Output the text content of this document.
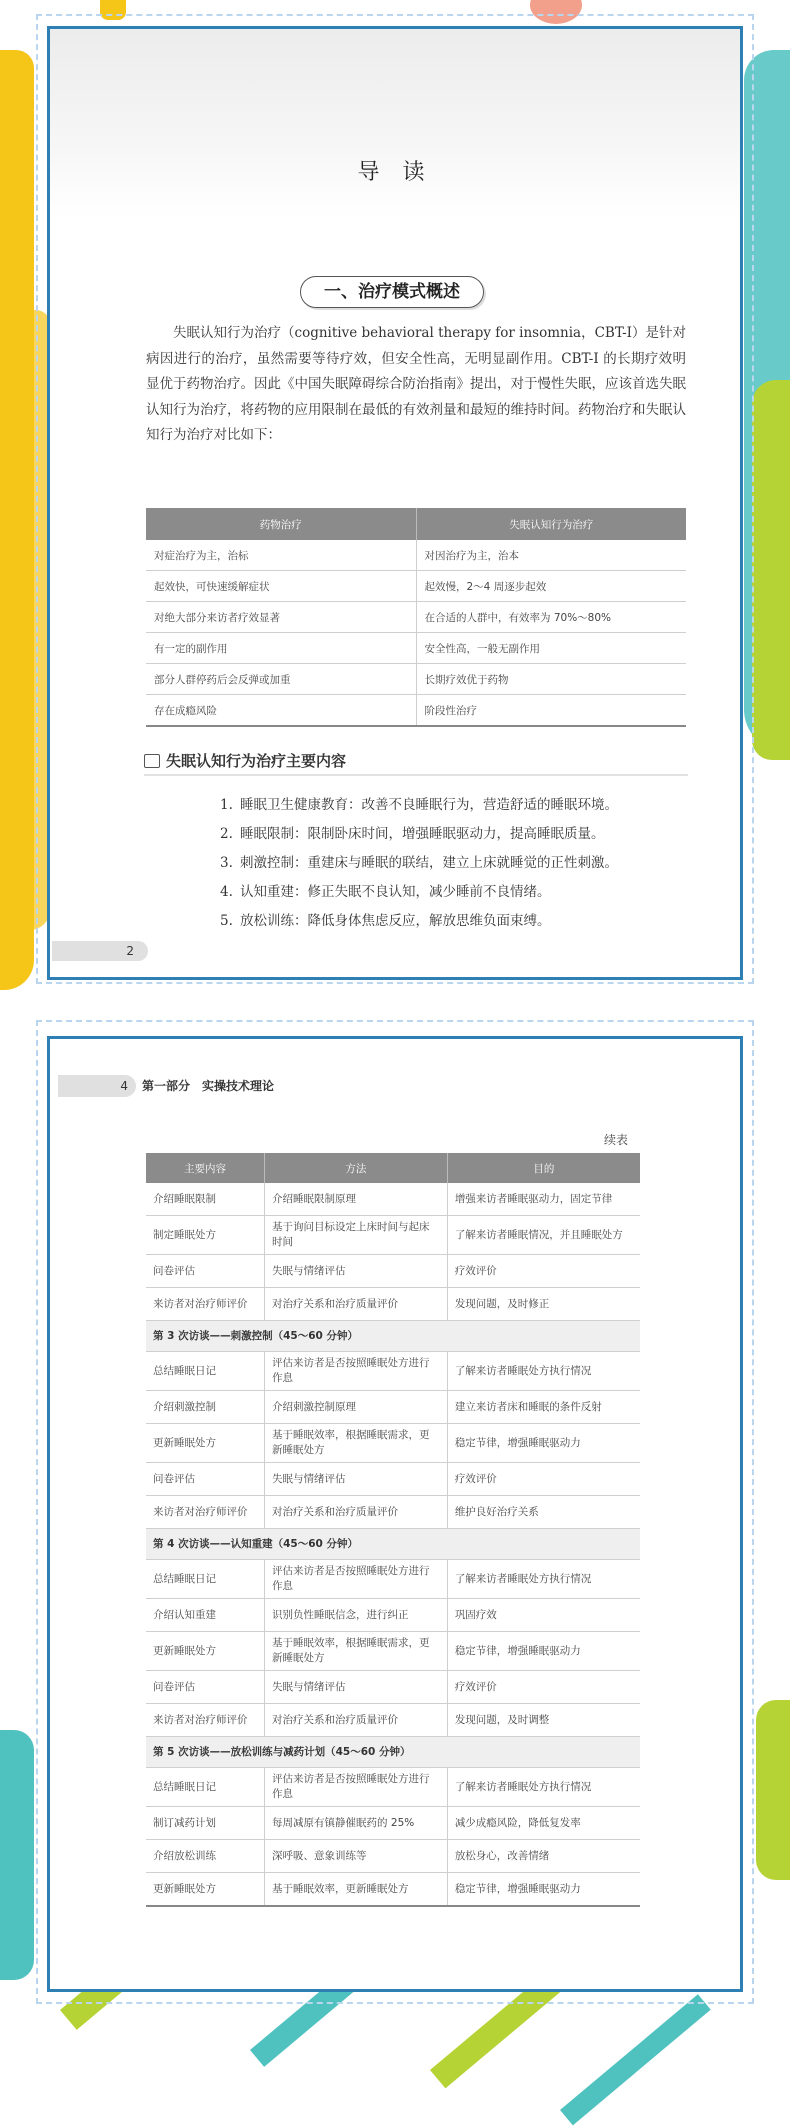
导 读
一、治疗模式概述
失眠认知行为治疗（cognitive behavioral therapy for insomnia，CBT-I）是针对病因进行的治疗，虽然需要等待疗效，但安全性高，无明显副作用。CBT-I 的长期疗效明显优于药物治疗。因此《中国失眠障碍综合防治指南》提出，对于慢性失眠，应该首选失眠认知行为治疗，将药物的应用限制在最低的有效剂量和最短的维持时间。药物治疗和失眠认知行为治疗对比如下：
药物治疗	失眠认知行为治疗
对症治疗为主，治标	对因治疗为主，治本
起效快，可快速缓解症状	起效慢，2～4 周逐步起效
对绝大部分来访者疗效显著	在合适的人群中，有效率为 70%～80%
有一定的副作用	安全性高，一般无副作用
部分人群停药后会反弹或加重	长期疗效优于药物
存在成瘾风险	阶段性治疗
失眠认知行为治疗主要内容
1. 睡眠卫生健康教育：改善不良睡眠行为，营造舒适的睡眠环境。
2. 睡眠限制：限制卧床时间，增强睡眠驱动力，提高睡眠质量。
3. 刺激控制：重建床与睡眠的联结，建立上床就睡觉的正性刺激。
4. 认知重建：修正失眠不良认知，减少睡前不良情绪。
5. 放松训练：降低身体焦虑反应，解放思维负面束缚。
2
4 第一部分　实操技术理论
续表
主要内容	方法	目的
介绍睡眠限制	介绍睡眠限制原理	增强来访者睡眠驱动力，固定节律
制定睡眠处方	基于询问目标设定上床时间与起床时间	了解来访者睡眠情况，并且睡眠处方
问卷评估	失眠与情绪评估	疗效评价
来访者对治疗师评价	对治疗关系和治疗质量评价	发现问题，及时修正
第 3 次访谈——刺激控制（45～60 分钟）		
总结睡眠日记	评估来访者是否按照睡眠处方进行作息	了解来访者睡眠处方执行情况
介绍刺激控制	介绍刺激控制原理	建立来访者床和睡眠的条件反射
更新睡眠处方	基于睡眠效率，根据睡眠需求，更新睡眠处方	稳定节律，增强睡眠驱动力
问卷评估	失眠与情绪评估	疗效评价
来访者对治疗师评价	对治疗关系和治疗质量评价	维护良好治疗关系
第 4 次访谈——认知重建（45～60 分钟）		
总结睡眠日记	评估来访者是否按照睡眠处方进行作息	了解来访者睡眠处方执行情况
介绍认知重建	识别负性睡眠信念，进行纠正	巩固疗效
更新睡眠处方	基于睡眠效率，根据睡眠需求，更新睡眠处方	稳定节律，增强睡眠驱动力
问卷评估	失眠与情绪评估	疗效评价
来访者对治疗师评价	对治疗关系和治疗质量评价	发现问题，及时调整
第 5 次访谈——放松训练与减药计划（45～60 分钟）		
总结睡眠日记	评估来访者是否按照睡眠处方进行作息	了解来访者睡眠处方执行情况
制订减药计划	每周减原有镇静催眠药的 25%	减少成瘾风险，降低复发率
介绍放松训练	深呼吸、意象训练等	放松身心，改善情绪
更新睡眠处方	基于睡眠效率，更新睡眠处方	稳定节律，增强睡眠驱动力
